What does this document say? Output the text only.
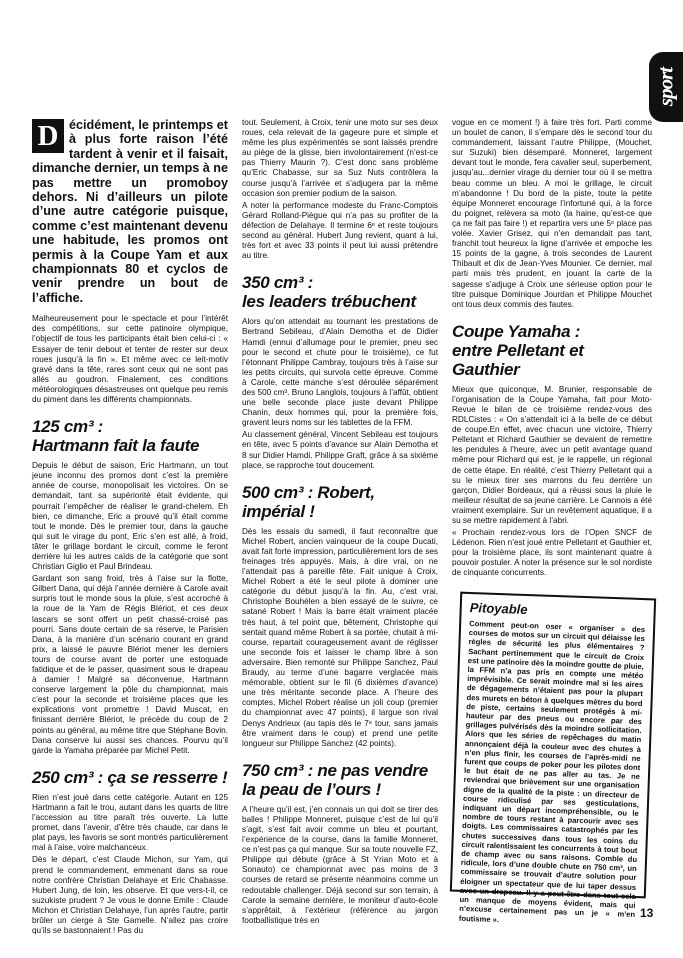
sport
D écidément, le printemps et à plus forte raison l’été tardent à venir et il faisait, dimanche dernier, un temps à ne pas mettre un promoboy dehors. Ni d’ailleurs un pilote d’une autre catégorie puisque, comme c’est maintenant devenu une habitude, les promos ont permis à la Coupe Yam et aux championnats 80 et cyclos de venir prendre un bout de l’affiche.

Malheureusement pour le spectacle et pour l’intérêt des compétitions, sur cette patinoire olympique, l’objectif de tous les participants était bien celui-ci : « Essayer de tenir debout et tenter de rester sur deux roues jusqu’à la fin ». Et même avec ce leit-motiv gravé dans la tête, rares sont ceux qui ne sont pas allés au goudron. Finalement, ces conditions météorologiques désastreuses ont quelque peu remis du piment dans les différents championnats.

125 cm³ :
Hartmann fait la faute

Depuis le début de saison, Eric Hartmann, un tout jeune inconnu des promos dont c’est la première année de course, monopolisait les victoires. On se demandait, tant sa supériorité était évidente, qui pourrait l’empêcher de réaliser le grand-chelem. Eh bien, ce dimanche, Eric a prouvé qu’il était comme tout le monde. Dès le premier tour, dans la gauche qui suit le virage du pont, Eric s’en est allé, à froid, tâter le grillage bordant le circuit, comme le feront derrière lui les autres caïds de la catégorie que sont Christian Giglio et Paul Brindeau.

Gardant son sang froid, très à l’aise sur la flotte, Gilbert Dana, qui déjà l’année dernière à Carole avait surpris tout le monde sous la pluie, s’est accroché à la roue de la Yam de Régis Blériot, et ces deux lascars se sont offert un petit chassé-croisé pas pourri. Sans doute certain de sa réserve, le Parisien Dana, à la manière d’un scénario courant en grand prix, a laissé le pauvre Blériot mener les derniers tours de course avant de porter une estoquade fatidique et de le passer, quasiment sous le drapeau à damier ! Malgré sa déconvenue, Hartmann conserve largement la pôle du championnat, mais c’est pour la seconde et troisième places que les explications vont promettre ! David Muscat, en finissant derrière Blériot, le précède du coup de 2 points au général, au même titre que Stéphane Bovin. Dana conserve lui aussi ses chances. Pourvu qu’il garde la Yamaha préparée par Michel Petit.

250 cm³ : ça se resserre !

Rien n’est joué dans cette catégorie. Autant en 125 Hartmann a fait le trou, autant dans les quarts de litre l’accession au titre paraît très ouverte. La lutte promet, dans l’avenir, d’être très chaude, car dans le plat pays, les favoris se sont montrés particulièrement mal à l’aise, voire malchanceux.

Dès le départ, c’est Claude Michon, sur Yam, qui prend le commandement, emmenant dans sa roue notre confrère Christian Delahaye et Eric Chabasse. Hubert Jung, de loin, les observe. Et que vers-t-il, ce suzukiste prudent ? Je vous le donne Emile : Claude Michon et Christian Delahaye, l’un après l’autre, partir brûler un cierge à Ste Gamelle. N’allez pas croire qu’ils se bastonnaient ! Pas du

tout. Seulement, à Croix, tenir une moto sur ses deux roues, cela relevait de la gageure pure et simple et même les plus expérimentés se sont laissés prendre au piège de la glisse, bien involontairement (n’est-ce pas Thierry Maurin ?). C’est donc sans problème qu’Eric Chabasse, sur sa Suz Nuts contrôlera la course jusqu’à l’arrivée et s’adjugera par la même occasion son premier podium de la saison.

A noter la performance modeste du Franc-Comptois Gérard Rolland-Piègue qui n’a pas su profiter de la défection de Delahaye. Il termine 6ᵉ et reste toujours second au général. Hubert Jung revient, quant à lui, très fort et avec 33 points il peut lui aussi prétendre au titre.

350 cm³ :
les leaders trébuchent

Alors qu’on attendait au tournant les prestations de Bertrand Sebileau, d’Alain Demotha et de Didier Hamdi (ennui d’allumage pour le premier, pneu sec pour le second et chute pour le troisième), ce fut l’étonnant Philippe Cambray, toujours très à l’aise sur les petits circuits, qui survola cette épreuve. Comme à Carole, cette manche s’est déroulée séparément des 500 cm³. Bruno Langlois, toujours à l’affût, obtient une belle seconde place juste devant Philippe Chanin, deux hommes qui, pour la première fois, gravent leurs noms sur les tablettes de la FFM.

Au classement général, Vincent Sebileau est toujours en tête, avec 5 points d’avance sur Alain Demotha et 8 sur Didier Hamdi. Philippe Graft, grâce à sa sixième place, se rapproche tout doucement.

500 cm³ : Robert, impérial !

Dès les essais du samedi, il faut reconnaître que Michel Robert, ancien vainqueur de la coupe Ducati, avait fait forte impression, particulièrement lors de ses freinages très appuyés. Mais, à dire vrai, on ne l’attendait pas à pareille fête. Fait unique à Croix, Michel Robert a été le seul pilote à dominer une catégorie du début jusqu’à la fin. Au, c’est vrai, Christophe Bouhélen a bien essayé de le suivre, ce satané Robert ! Mais la barre était vraiment placée très haut, à tel point que, bêtement, Christophe qui sentait quand même Robert à sa portée, chutait à mi-course, repartait courageusement avant de réglisser une seconde fois et laisser le champ libre à son adversaire. Bien remonté sur Philippe Sanchez, Paul Braudy, au terme d’une bagarre verglacée mais mémorable, obtient sur le fil (6 dixièmes d’avance) une très méritante seconde place. A l’heure des comptes, Michel Robert réalise un joli coup (premier du championnat avec 47 points), il largue son rival Denys Andrieux (au tapis dès le 7ᵉ tour, sans jamais être vraiment dans le coup) et prend une petite longueur sur Philippe Sanchez (42 points).

750 cm³ : ne pas vendre
la peau de l’ours !

A l’heure qu’il est, j’en connais un qui doit se tirer des balles ! Philippe Monneret, puisque c’est de lui qu’il s’agit, s’est fait avoir comme un bleu et pourtant, l’expérience de la course, dans la famille Monneret, ce n’est pas ça qui manque. Sur sa toute nouvelle FZ, Philippe qui débute (grâce à St Yrian Moto et à Sonauto) ce championnat avec pas moins de 3 courses de retard se présente néanmoins comme un redoutable challenger. Déjà second sur son terrain, à Carole la semaine dernière, le moniteur d’auto-école s’apprêtait, à l’extérieur (référence au jargon footballistique très en

vogue en ce moment !) à faire très fort. Parti comme un boulet de canon, il s’empare dès le second tour du commandement, laissant l’autre Philippe, (Mouchet, sur Suzuki) bien désemparé. Monneret, largement devant tout le monde, fera cavalier seul, superbement, jusqu’au...dernier virage du dernier tour où il se mettra beau comme un bleu. A moi le grillage, le circuit m’abandonne ! Du bord de la piste, toute la petite équipe Monneret encourage l’infortuné qui, à la force du poignet, relèvera sa moto (la haine, qu’est-ce que ça ne fait pas faire !) et repartira vers une 5ᵉ place pas volée. Xavier Grisez, qui n’en demandait pas tant, franchit tout heureux la ligne d’arrivée et empoche les 15 points de la gagne, à trois secondes de Laurent Thibault et dix de Jean-Yves Mounier. Ce dernier, mal parti mais très prudent, en jouant la carte de la sagesse s’adjuge à Croix une sérieuse option pour le titre puisque Dominique Jourdan et Philippe Mouchet ont tous deux commis des fautes.

Coupe Yamaha :
entre Pelletant et Gauthier

Mieux que quiconque, M. Brunier, responsable de l’organisation de la Coupe Yamaha, fait pour Moto-Revue le bilan de ce troisième rendez-vous des RDLCistes : « On s’attendait ici à la belle de ce début de coupe.En effet, avec chacun une victoire, Thierry Pelletant et Richard Gauthier se devaient de remettre les pendules à l’heure, avec un petit avantage quand même pour Richard qui est, je le rappelle, un régional de cette étape. En réalité, c’est Thierry Pelletant qui a su le mieux tirer ses marrons du feu derrière un garçon, Didier Bordeaux, qui a réussi sous la pluie le meilleur résultat de sa jeune carrière. Le Cannois a été vraiment exemplaire. Sur un revêtement aquatique, il a su se mettre rapidement à l’abri.

« Prochain rendez-vous lors de l’Open SNCF de Lédenon. Rien n’est joué entre Pelletant et Gauthier et, pour la troisième place, ils sont maintenant quatre à pouvoir postuler. A noter la présence sur le sol nordiste de cinquante concurrents.

Pitoyable

Comment peut-on oser « organiser » des courses de motos sur un circuit qui délaisse les règles de sécurité les plus élémentaires ? Sachant pertinemment que le circuit de Croix est une patinoire dès la moindre goutte de pluie, la FFM n’a pas pris en compte une météo imprévisible. Ce serait moindre mal si les aires de dégagements n’étaient pas pour la plupart des murets en béton à quelques mètres du bord de piste, certains seulement protégés à mi-hauteur par des pneus ou encore par des grillages pulvérisés dès la moindre sollicitation. Alors que les séries de repêchages du matin annonçaient déjà la couleur avec des chutes à n’en plus finir, les courses de l’après-midi ne furent que coups de poker pour les pilotes dont le but était de ne pas aller au tas. Je ne reviendrai que brièvement sur une organisation digne de la qualité de la piste : un directeur de course ridiculisé par ses gesticulations, indiquant un départ incompréhensible, ou le nombre de tours restant à parcourir avec ses doigts. Les commissaires catastrophés par les chutes successives dans tous les coins du circuit ralentissaient les concurrents à tout bout de champ avec ou sans raisons. Comble du ridicule, lors d’une double chute en 750 cm³, un commissaire se trouvait d’autre solution pour éloigner un spectateur que de lui taper dessus avec un drapeau. Il y a peut-être dans tout cela un manque de moyens évident, mais qui n’excuse certainement pas un je « m’en foutisme ».	13
